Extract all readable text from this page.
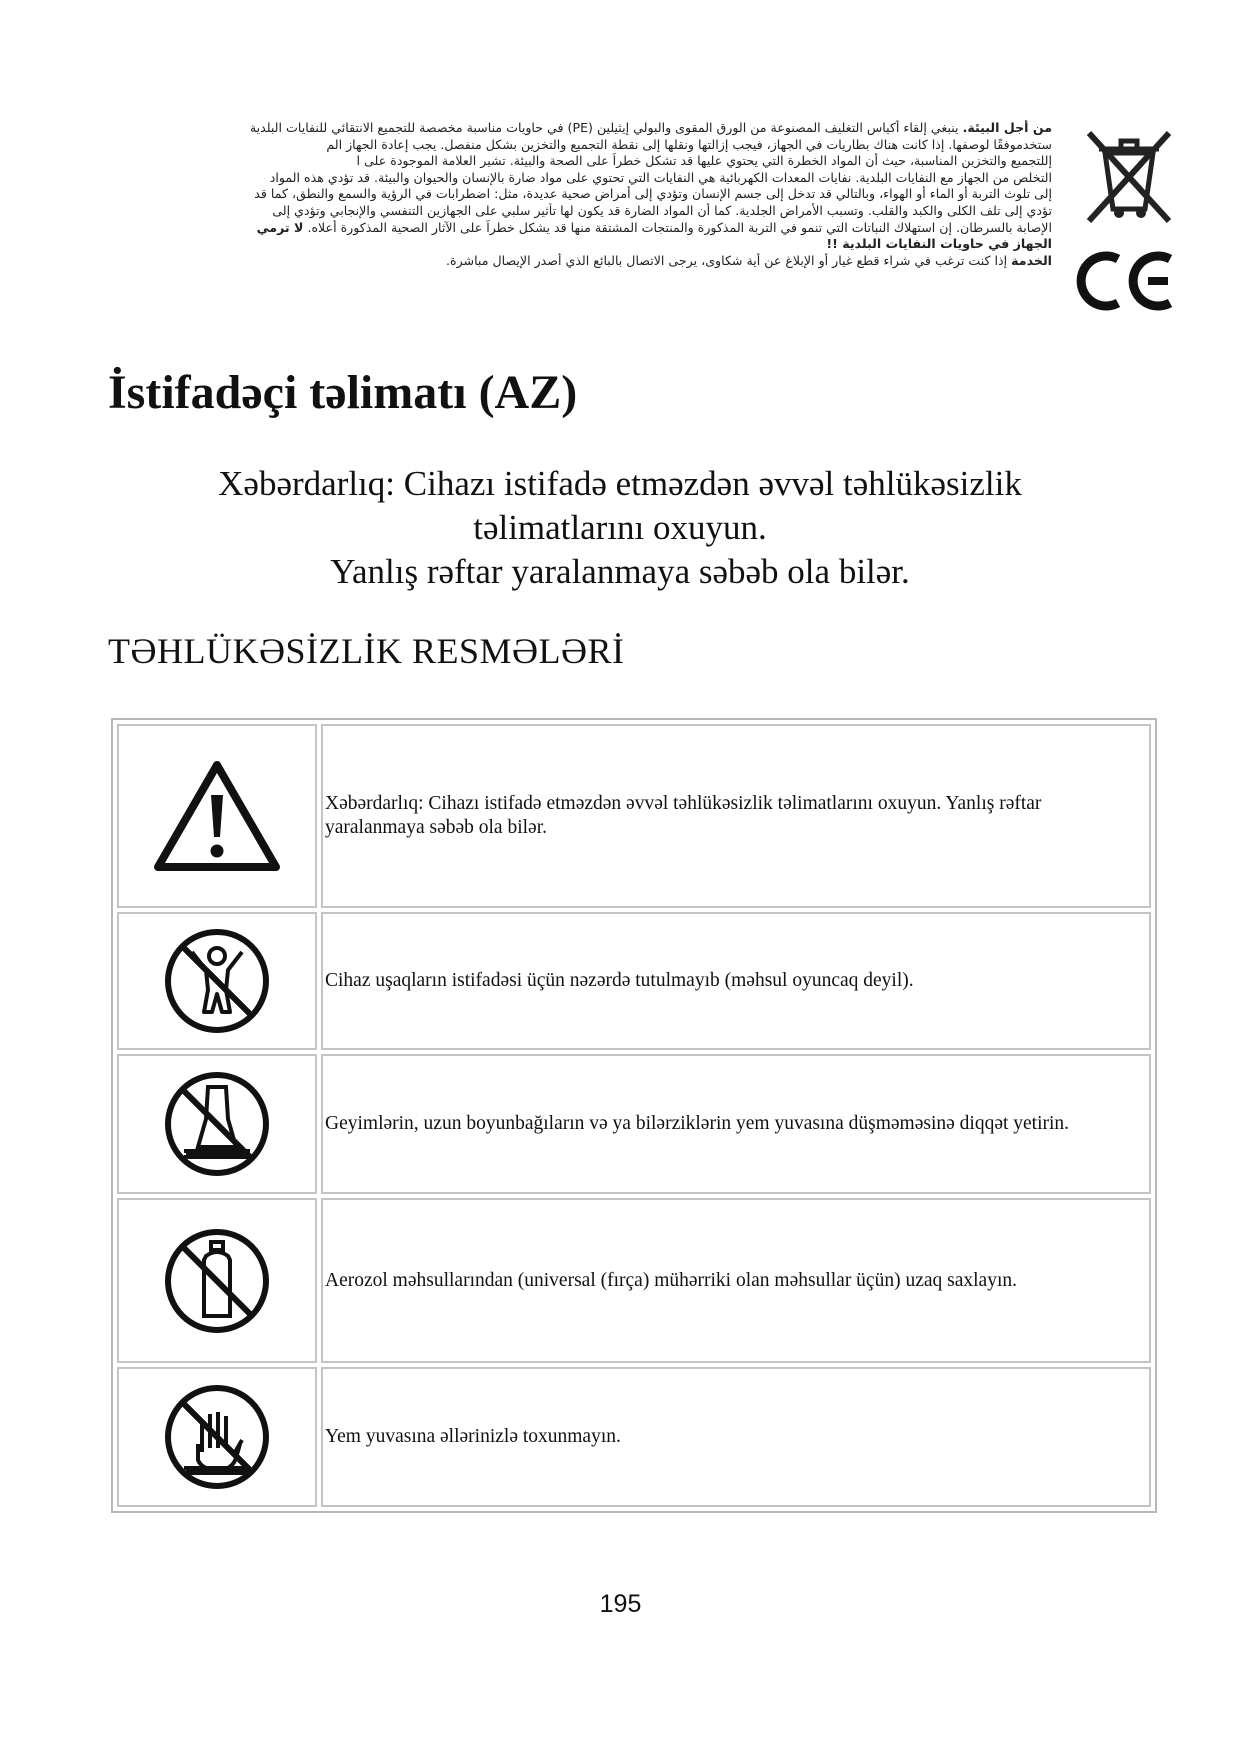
من أجل البيئة. ينبغي إلقاء أكياس التغليف المصنوعة من الورق المقوى والبولي إيثيلين (PE) في حاويات مناسبة مخصصة للتجميع الانتقائي للنفايات البلدية
ستخدموفقًا لوصفها. إذا كانت هناك بطاريات في الجهاز، فيجب إزالتها ونقلها إلى نقطة التجميع والتخزين بشكل منفصل. يجب إعادة الجهاز الم
إللتجميع والتخزين المناسبة، حيث أن المواد الخطرة التي يحتوي عليها قد تشكل خطراً على الصحة والبيئة. تشير العلامة الموجودة على ا
التخلص من الجهاز مع النفايات البلدية. نفايات المعدات الكهربائية هي النفايات التي تحتوي على مواد ضارة بالإنسان والحيوان والبيئة. قد تؤدي هذه المواد
إلى تلوث التربة أو الماء أو الهواء، وبالتالي قد تدخل إلى جسم الإنسان وتؤدي إلى أمراض صحية عديدة، مثل: اضطرابات في الرؤية والسمع والنطق، كما قد
تؤدي إلى تلف الكلى والكبد والقلب. وتسبب الأمراض الجلدية. كما أن المواد الضارة قد يكون لها تأثير سلبي على الجهازين التنفسي والإنجابي وتؤدي إلى
الإصابة بالسرطان. إن استهلاك النباتات التي تنمو في التربة المذكورة والمنتجات المشتقة منها قد يشكل خطراً على الآثار الصحية المذكورة أعلاه. لا ترمي
الجهاز في حاويات النفايات البلدية !!
الخدمة إذا كنت ترغب في شراء قطع غيار أو الإبلاغ عن أية شكاوى، يرجى الاتصال بالبائع الذي أصدر الإيصال مباشرة.
İstifadəçi təlimatı (AZ)
Xəbərdarlıq: Cihazı istifadə etməzdən əvvəl təhlükəsizlik
təlimatlarını oxuyun.
Yanlış rəftar yaralanmaya səbəb ola bilər.
TƏHLÜKƏSİZLİK RESMƏLƏRİ
	Xəbərdarlıq: Cihazı istifadə etməzdən əvvəl təhlükəsizlik təlimatlarını oxuyun. Yanlış rəftar yaralanmaya səbəb ola bilər.

	Cihaz uşaqların istifadəsi üçün nəzərdə tutulmayıb (məhsul oyuncaq deyil).

	Geyimlərin, uzun boyunbağıların və ya bilərziklərin yem yuvasına düşməməsinə diqqət yetirin.

	Aerozol məhsullarından (universal (fırça) mühərriki olan məhsullar üçün) uzaq saxlayın.

	Yem yuvasına əllərinizlə toxunmayın.
195
